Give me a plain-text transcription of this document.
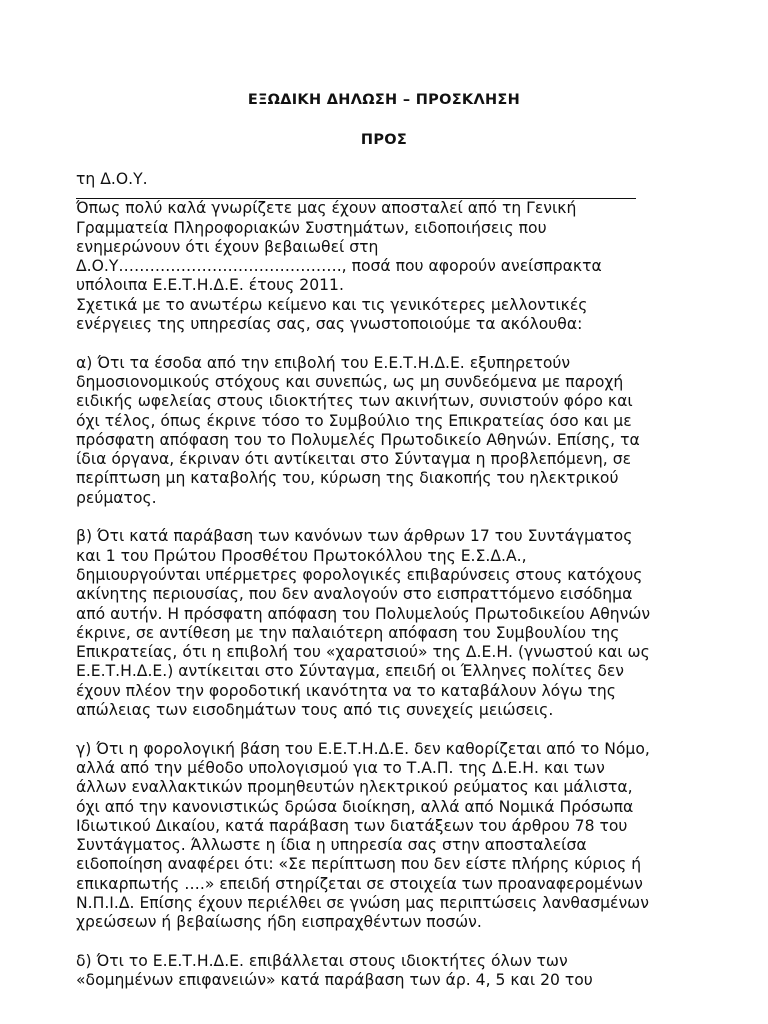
ΕΞΩΔΙΚΗ ΔΗΛΩΣΗ – ΠΡΟΣΚΛΗΣΗ
ΠΡΟΣ

τη Δ.Ο.Υ.

Όπως πολύ καλά γνωρίζετε μας έχουν αποσταλεί από τη Γενική

Γραμματεία Πληροφοριακών Συστημάτων, ειδοποιήσεις που

ενημερώνουν ότι έχουν βεβαιωθεί στη

Δ.Ο.Υ……………………………………., ποσά που αφορούν ανείσπρακτα

υπόλοιπα Ε.Ε.Τ.Η.Δ.Ε. έτους 2011.

Σχετικά με το ανωτέρω κείμενο και τις γενικότερες μελλοντικές

ενέργειες της υπηρεσίας σας, σας γνωστοποιούμε τα ακόλουθα:

α) Ότι τα έσοδα από την επιβολή του Ε.Ε.Τ.Η.Δ.Ε. εξυπηρετούν

δημοσιονομικούς στόχους και συνεπώς, ως μη συνδεόμενα με παροχή

ειδικής ωφελείας στους ιδιοκτήτες των ακινήτων, συνιστούν φόρο και

όχι τέλος, όπως έκρινε τόσο το Συμβούλιο της Επικρατείας όσο και με

πρόσφατη απόφαση του το Πολυμελές Πρωτοδικείο Αθηνών. Επίσης, τα

ίδια όργανα, έκριναν ότι αντίκειται στο Σύνταγμα η προβλεπόμενη, σε

περίπτωση μη καταβολής του, κύρωση της διακοπής του ηλεκτρικού

ρεύματος.

β) Ότι κατά παράβαση των κανόνων των άρθρων 17 του Συντάγματος

και 1 του Πρώτου Προσθέτου Πρωτοκόλλου της Ε.Σ.Δ.Α.,

δημιουργούνται υπέρμετρες φορολογικές επιβαρύνσεις στους κατόχους

ακίνητης περιουσίας, που δεν αναλογούν στο εισπραττόμενο εισόδημα

από αυτήν. Η πρόσφατη απόφαση του Πολυμελούς Πρωτοδικείου Αθηνών

έκρινε, σε αντίθεση με την παλαιότερη απόφαση του Συμβουλίου της

Επικρατείας, ότι η επιβολή του «χαρατσιού» της Δ.Ε.Η. (γνωστού και ως

Ε.Ε.Τ.Η.Δ.Ε.) αντίκειται στο Σύνταγμα, επειδή οι Έλληνες πολίτες δεν

έχουν πλέον την φοροδοτική ικανότητα να το καταβάλουν λόγω της

απώλειας των εισοδημάτων τους από τις συνεχείς μειώσεις.

γ) Ότι η φορολογική βάση του Ε.Ε.Τ.Η.Δ.Ε. δεν καθορίζεται από το Νόμο,

αλλά από την μέθοδο υπολογισμού για το Τ.Α.Π. της Δ.Ε.Η. και των

άλλων εναλλακτικών προμηθευτών ηλεκτρικού ρεύματος και μάλιστα,

όχι από την κανονιστικώς δρώσα διοίκηση, αλλά από Νομικά Πρόσωπα

Ιδιωτικού Δικαίου, κατά παράβαση των διατάξεων του άρθρου 78 του

Συντάγματος. Άλλωστε η ίδια η υπηρεσία σας στην αποσταλείσα

ειδοποίηση αναφέρει ότι: «Σε περίπτωση που δεν είστε πλήρης κύριος ή

επικαρπωτής ….» επειδή στηρίζεται σε στοιχεία των προαναφερομένων

Ν.Π.Ι.Δ. Επίσης έχουν περιέλθει σε γνώση μας περιπτώσεις λανθασμένων

χρεώσεων ή βεβαίωσης ήδη εισπραχθέντων ποσών.

δ) Ότι το Ε.Ε.Τ.Η.Δ.Ε. επιβάλλεται στους ιδιοκτήτες όλων των

«δομημένων επιφανειών» κατά παράβαση των άρ. 4, 5 και 20 του
